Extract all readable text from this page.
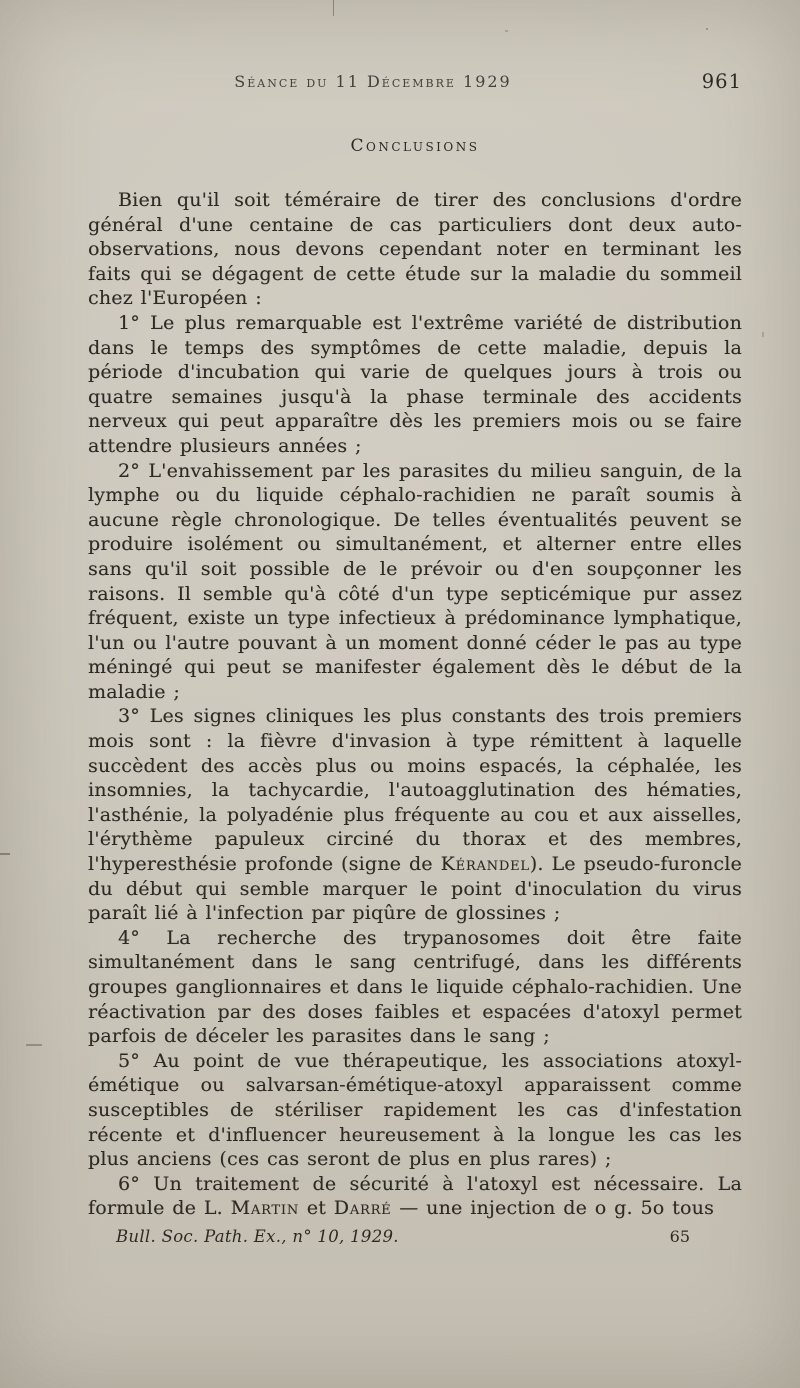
Séance du 11 Décembre 1929	961
Conclusions

Bien qu'il soit téméraire de tirer des conclusions d'ordre général d'une centaine de cas particuliers dont deux auto-observations, nous devons cependant noter en terminant les faits qui se dégagent de cette étude sur la maladie du sommeil chez l'Européen :

1° Le plus remarquable est l'extrême variété de distribution dans le temps des symptômes de cette maladie, depuis la période d'incubation qui varie de quelques jours à trois ou quatre semaines jusqu'à la phase terminale des accidents nerveux qui peut apparaître dès les premiers mois ou se faire attendre plusieurs années ;

2° L'envahissement par les parasites du milieu sanguin, de la lymphe ou du liquide céphalo-rachidien ne paraît soumis à aucune règle chronologique. De telles éventualités peuvent se produire isolément ou simultanément, et alterner entre elles sans qu'il soit possible de le prévoir ou d'en soupçonner les raisons. Il semble qu'à côté d'un type septicémique pur assez fréquent, existe un type infectieux à prédominance lymphatique, l'un ou l'autre pouvant à un moment donné céder le pas au type méningé qui peut se manifester également dès le début de la maladie ;

3° Les signes cliniques les plus constants des trois premiers mois sont : la fièvre d'invasion à type rémittent à laquelle succèdent des accès plus ou moins espacés, la céphalée, les insomnies, la tachycardie, l'autoagglutination des hématies, l'asthénie, la polyadénie plus fréquente au cou et aux aisselles, l'érythème papuleux circiné du thorax et des membres, l'hyperesthésie profonde (signe de Kérandel). Le pseudo-furoncle du début qui semble marquer le point d'inoculation du virus paraît lié à l'infection par piqûre de glossines ;

4° La recherche des trypanosomes doit être faite simultanément dans le sang centrifugé, dans les différents groupes ganglionnaires et dans le liquide céphalo-rachidien. Une réactivation par des doses faibles et espacées d'atoxyl permet parfois de déceler les parasites dans le sang ;

5° Au point de vue thérapeutique, les associations atoxyl-émétique ou salvarsan-émétique-atoxyl apparaissent comme susceptibles de stériliser rapidement les cas d'infestation récente et d'influencer heureusement à la longue les cas les plus anciens (ces cas seront de plus en plus rares) ;

6° Un traitement de sécurité à l'atoxyl est nécessaire. La formule de L. Martin et Darré — une injection de o g. 5o tous

Bull. Soc. Path. Ex., n° 10, 1929.	65
